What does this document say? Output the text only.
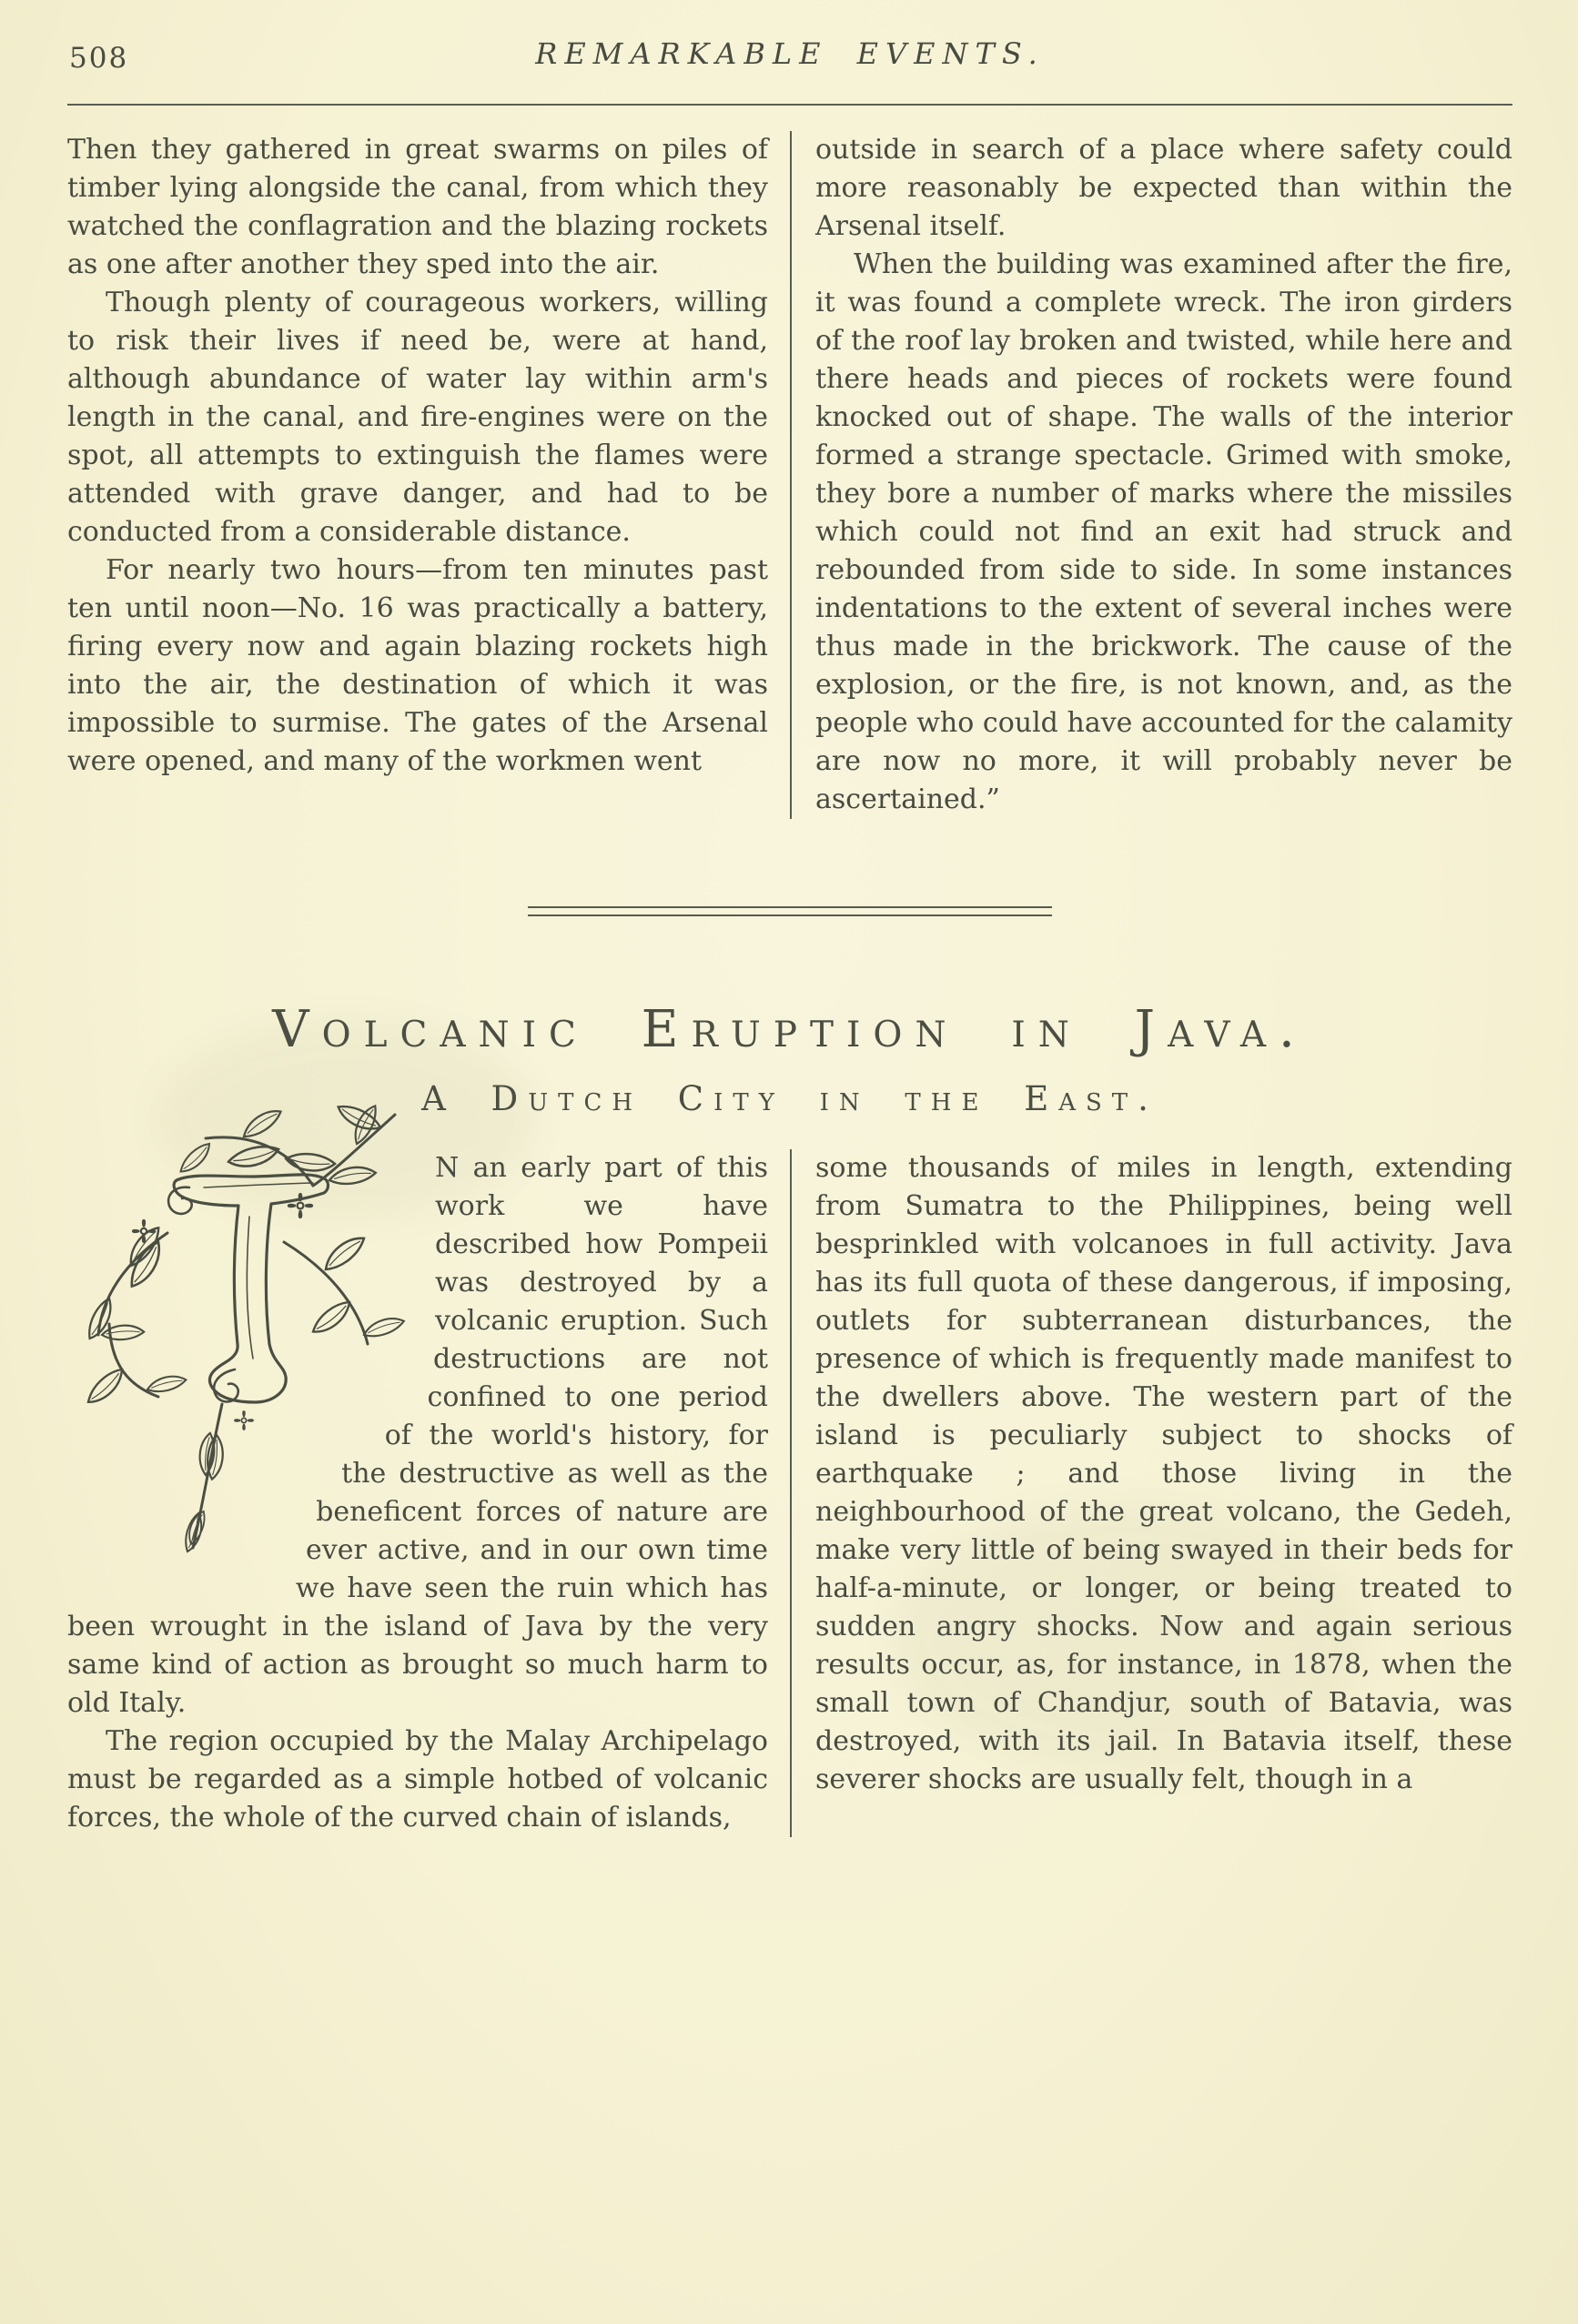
508	REMARKABLE EVENTS.

Then they gathered in great swarms on piles of timber lying alongside the canal, from which they watched the conflagration and the blazing rockets as one after another they sped into the air.

Though plenty of courageous workers, willing to risk their lives if need be, were at hand, although abundance of water lay within arm's length in the canal, and fire-engines were on the spot, all attempts to extinguish the flames were attended with grave danger, and had to be conducted from a considerable distance.

For nearly two hours—from ten minutes past ten until noon—No. 16 was practically a battery, firing every now and again blazing rockets high into the air, the destination of which it was impossible to surmise. The gates of the Arsenal were opened, and many of the workmen went

outside in search of a place where safety could more reasonably be expected than within the Arsenal itself.

When the building was examined after the fire, it was found a complete wreck. The iron girders of the roof lay broken and twisted, while here and there heads and pieces of rockets were found knocked out of shape. The walls of the interior formed a strange spectacle. Grimed with smoke, they bore a number of marks where the missiles which could not find an exit had struck and rebounded from side to side. In some instances indentations to the extent of several inches were thus made in the brickwork. The cause of the explosion, or the fire, is not known, and, as the people who could have accounted for the calamity are now no more, it will probably never be ascertained.”

Volcanic Eruption in Java.
A Dutch City in the East.

N an early part of this work we have described how Pompeii was destroyed by a volcanic eruption. Such destructions are not confined to one period of the world's history, for the destructive as well as the beneficent forces of nature are ever active, and in our own time we have seen the ruin which has been wrought in the island of Java by the very same kind of action as brought so much harm to old Italy.

The region occupied by the Malay Archipelago must be regarded as a simple hotbed of volcanic forces, the whole of the curved chain of islands,

some thousands of miles in length, extending from Sumatra to the Philippines, being well besprinkled with volcanoes in full activity. Java has its full quota of these dangerous, if imposing, outlets for subterranean disturbances, the presence of which is frequently made manifest to the dwellers above. The western part of the island is peculiarly subject to shocks of earthquake ; and those living in the neighbourhood of the great volcano, the Gedeh, make very little of being swayed in their beds for half-a-minute, or longer, or being treated to sudden angry shocks. Now and again serious results occur, as, for instance, in 1878, when the small town of Chandjur, south of Batavia, was destroyed, with its jail. In Batavia itself, these severer shocks are usually felt, though in a
